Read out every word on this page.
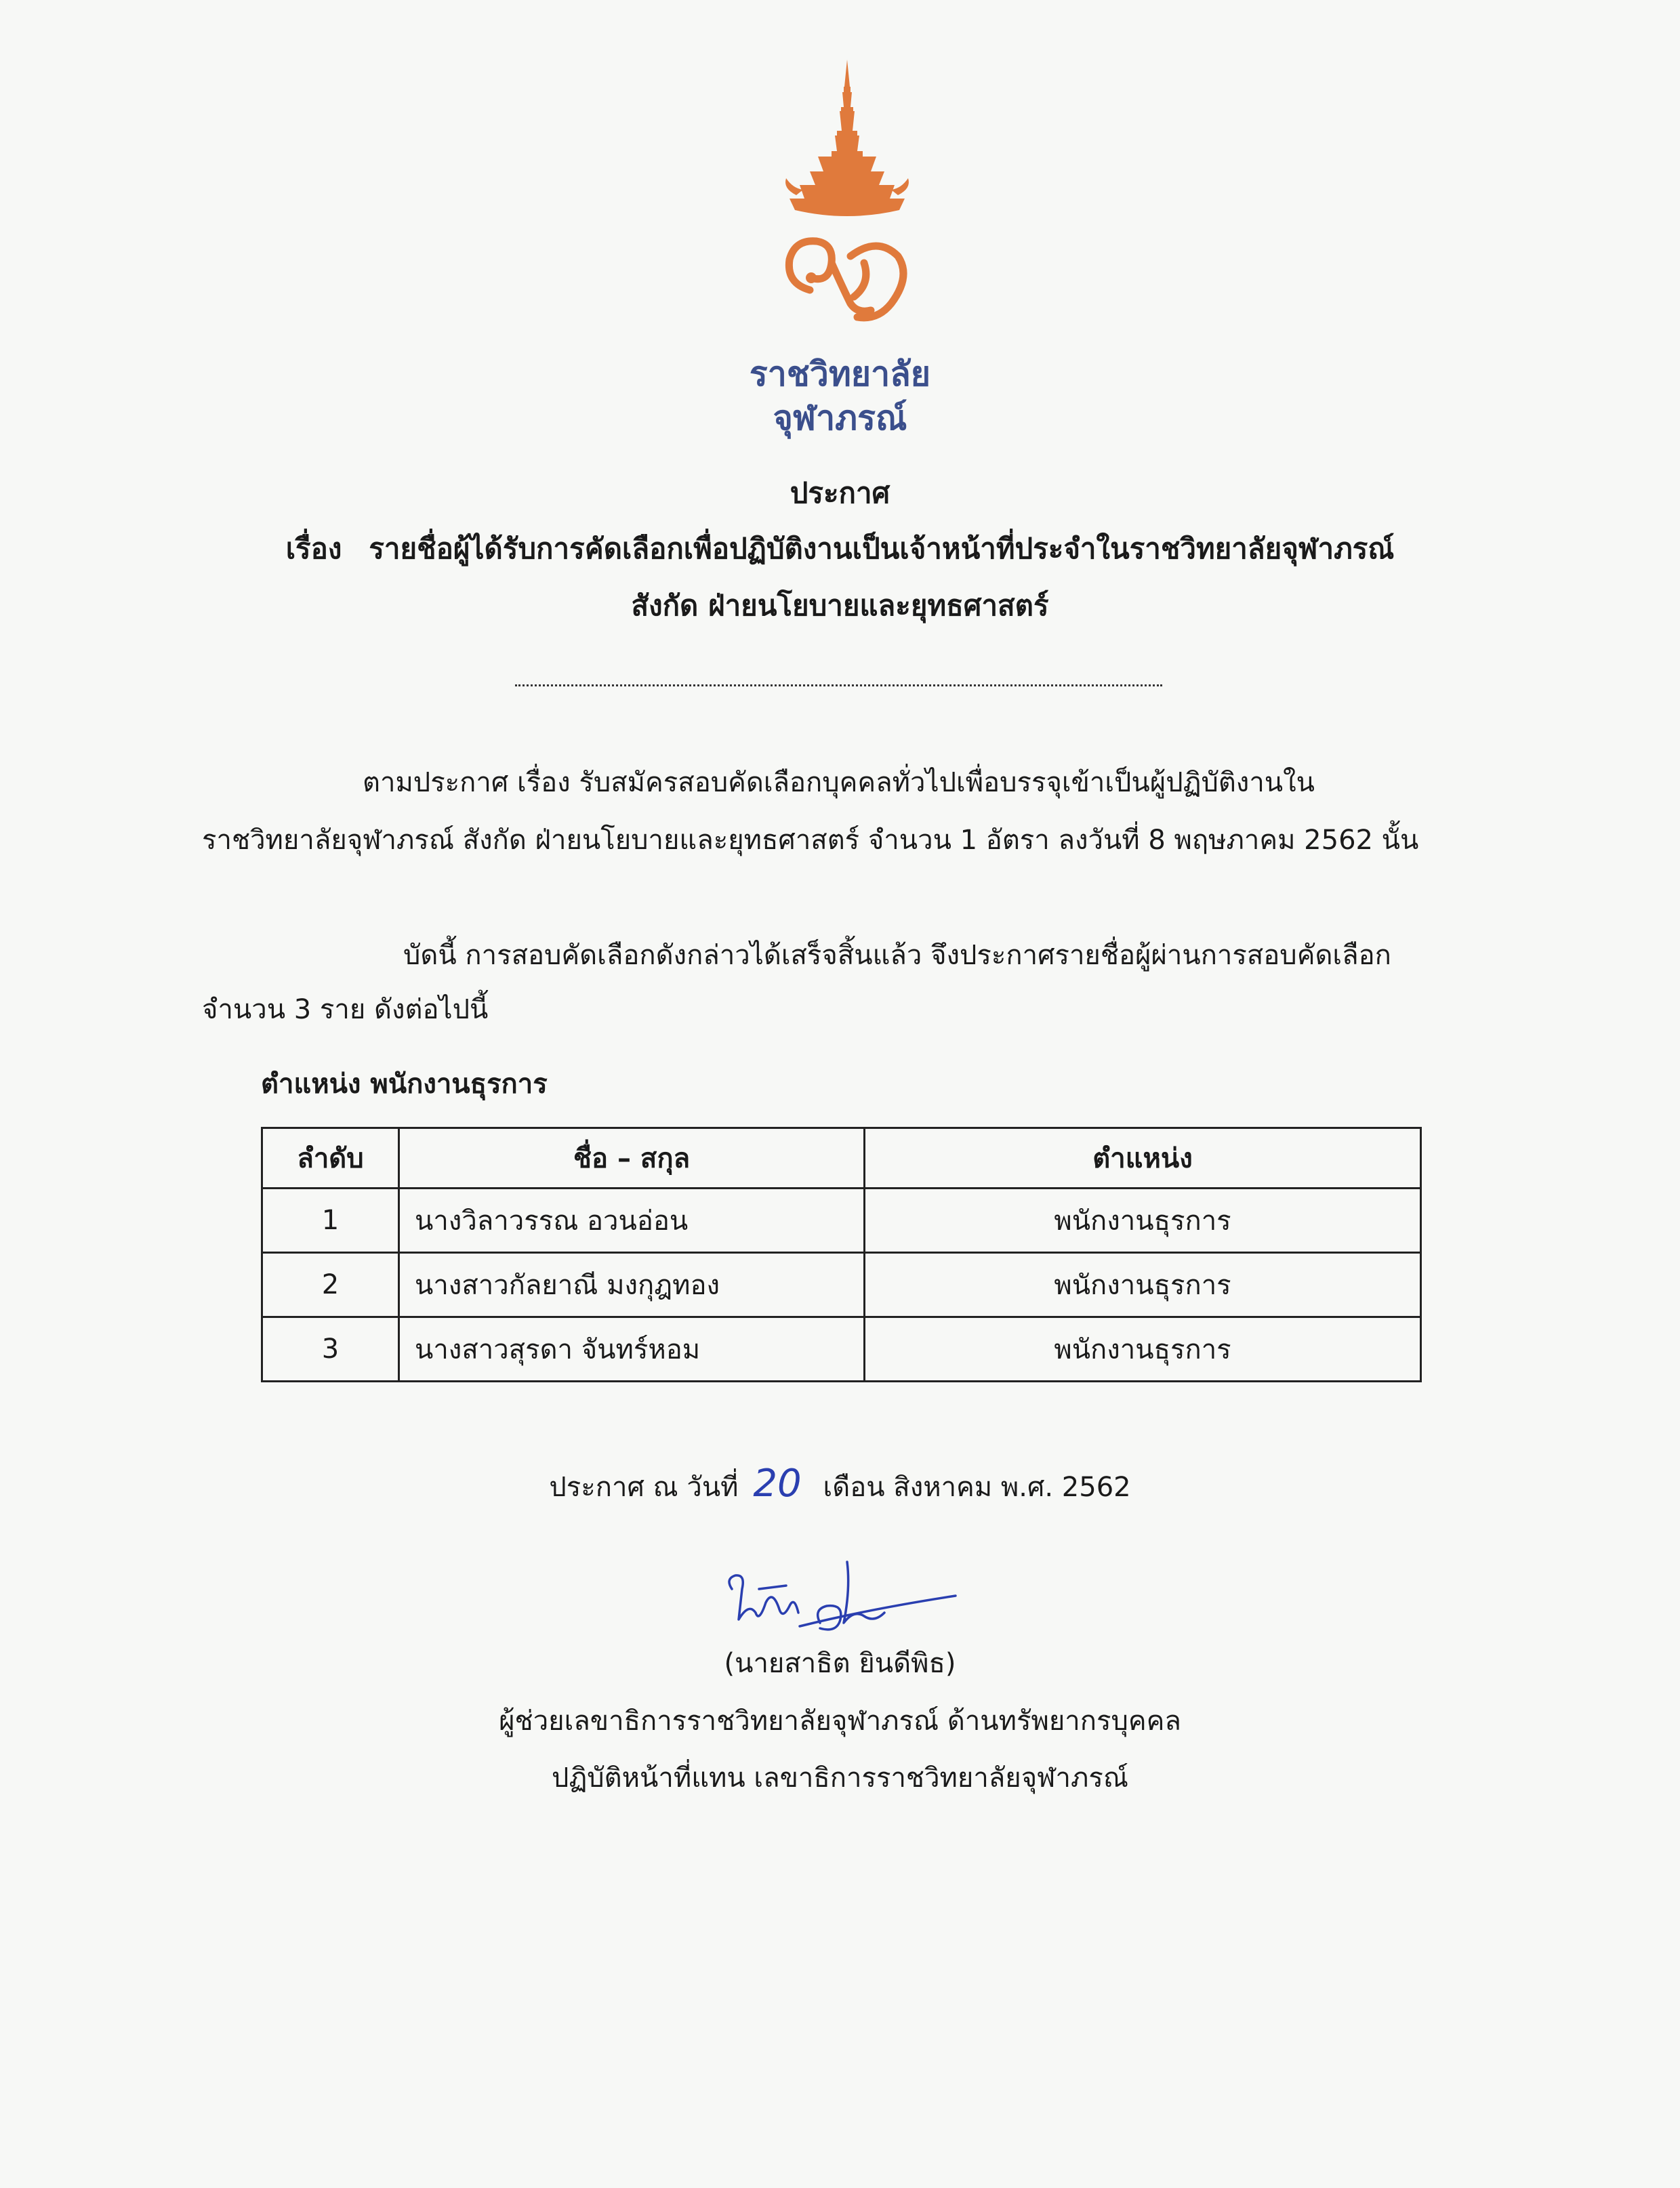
ราชวิทยาลัย
จุฬาภรณ์
ประกาศ
เรื่อง รายชื่อผู้ได้รับการคัดเลือกเพื่อปฏิบัติงานเป็นเจ้าหน้าที่ประจำในราชวิทยาลัยจุฬาภรณ์
สังกัด ฝ่ายนโยบายและยุทธศาสตร์
ตามประกาศ เรื่อง รับสมัครสอบคัดเลือกบุคคลทั่วไปเพื่อบรรจุเข้าเป็นผู้ปฏิบัติงานใน
ราชวิทยาลัยจุฬาภรณ์ สังกัด ฝ่ายนโยบายและยุทธศาสตร์ จำนวน 1 อัตรา ลงวันที่ 8 พฤษภาคม 2562 นั้น
บัดนี้ การสอบคัดเลือกดังกล่าวได้เสร็จสิ้นแล้ว จึงประกาศรายชื่อผู้ผ่านการสอบคัดเลือก
จำนวน 3 ราย ดังต่อไปนี้
ตำแหน่ง พนักงานธุรการ
ลำดับ	ชื่อ – สกุล	ตำแหน่ง
1	นางวิลาวรรณ อวนอ่อน	พนักงานธุรการ
2	นางสาวกัลยาณี มงกุฎทอง	พนักงานธุรการ
3	นางสาวสุรดา จันทร์หอม	พนักงานธุรการ
ประกาศ ณ วันที่ 20 เดือน สิงหาคม พ.ศ. 2562
(นายสาธิต ยินดีพิธ)
ผู้ช่วยเลขาธิการราชวิทยาลัยจุฬาภรณ์ ด้านทรัพยากรบุคคล
ปฏิบัติหน้าที่แทน เลขาธิการราชวิทยาลัยจุฬาภรณ์
